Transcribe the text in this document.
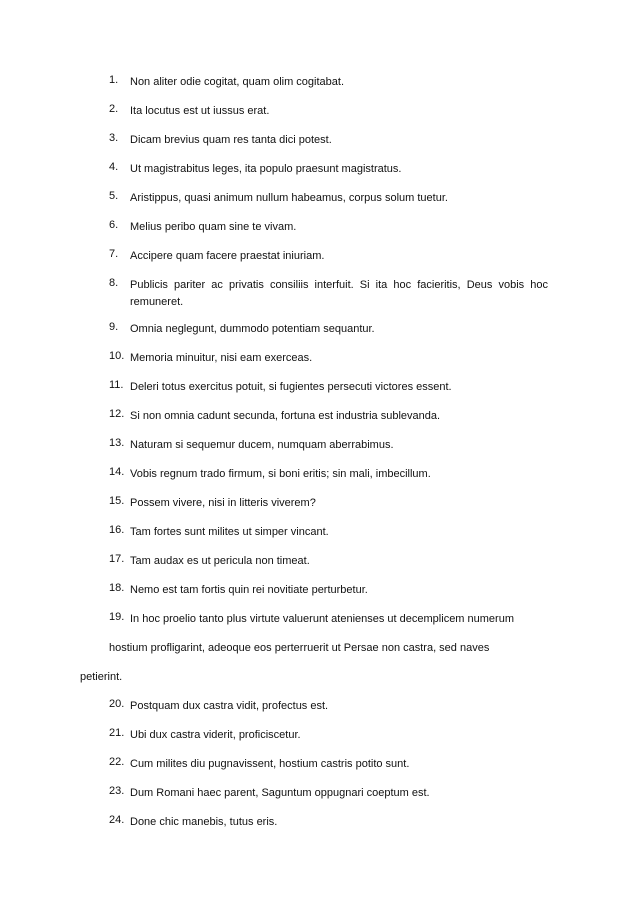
1.	Non aliter odie cogitat, quam olim cogitabat.
2.	Ita locutus est ut iussus erat.
3.	Dicam brevius quam res tanta dici potest.
4.	Ut magistrabitus leges, ita populo praesunt magistratus.
5.	Aristippus, quasi animum nullum habeamus, corpus solum tuetur.
6.	Melius peribo quam sine te vivam.
7.	Accipere quam facere praestat iniuriam.
8.	Publicis pariter ac privatis consiliis interfuit. Si ita hoc facieritis, Deus vobis hoc remuneret.
9.	Omnia neglegunt, dummodo potentiam sequantur.
10. Memoria minuitur, nisi eam exerceas.
11. Deleri totus exercitus potuit, si fugientes persecuti victores essent.
12. Si non omnia cadunt secunda, fortuna est industria sublevanda.
13. Naturam si sequemur ducem, numquam aberrabimus.
14. Vobis regnum trado firmum, si boni eritis; sin mali, imbecillum.
15. Possem vivere, nisi in litteris viverem?
16. Tam fortes sunt milites ut simper vincant.
17. Tam audax es ut pericula non timeat.
18. Nemo est tam fortis quin rei novitiate perturbetur.
19. In hoc proelio tanto plus virtute valuerunt atenienses ut decemplicem numerum
hostium profligarint, adeoque eos perterruerit ut Persae non castra, sed naves
petierint.
20. Postquam dux castra vidit, profectus est.
21. Ubi dux castra viderit, proficiscetur.
22. Cum milites diu pugnavissent, hostium castris potito sunt.
23. Dum Romani haec parent, Saguntum oppugnari coeptum est.
24. Done chic manebis, tutus eris.
